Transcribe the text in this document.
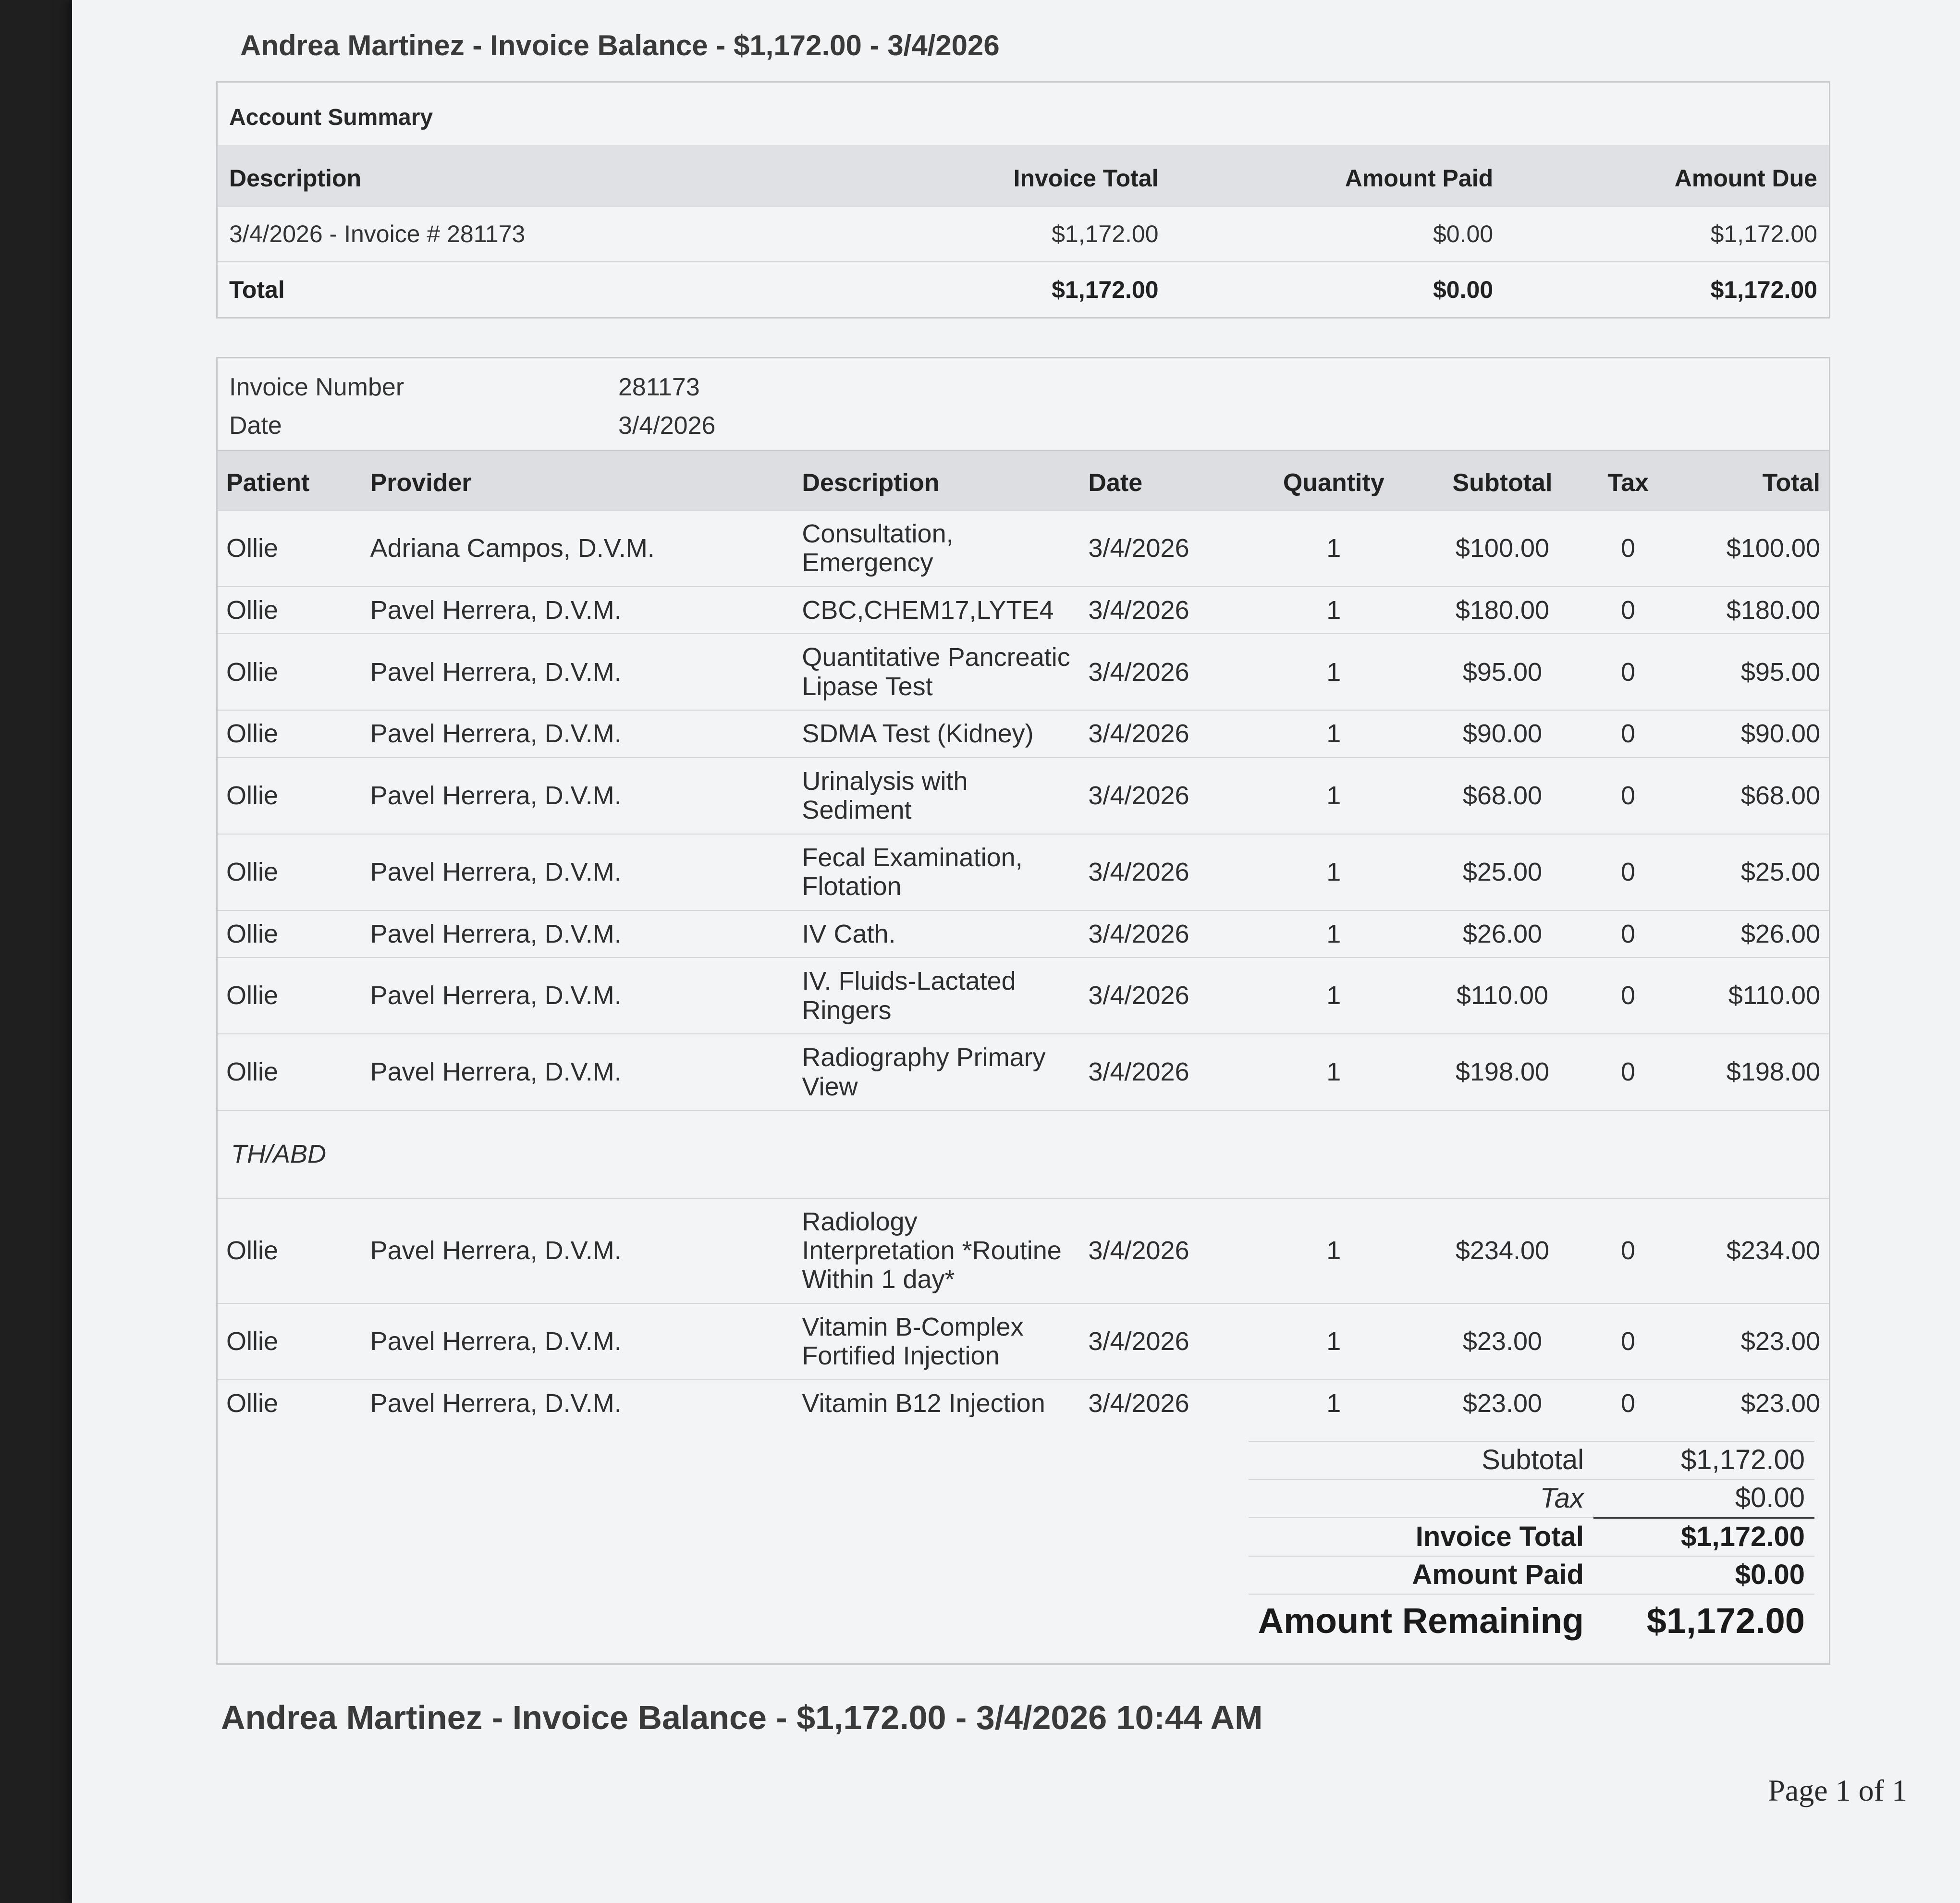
Andrea Martinez - Invoice Balance - $1,172.00 - 3/4/2026
Account Summary
Description	Invoice Total	Amount Paid	Amount Due
3/4/2026 - Invoice # 281173	$1,172.00	$0.00	$1,172.00
Total	$1,172.00	$0.00	$1,172.00
Invoice Number	281173
Date	3/4/2026
Patient	Provider	Description	Date	Quantity	Subtotal	Tax	Total
Ollie	Adriana Campos, D.V.M.	Consultation, Emergency	3/4/2026	1	$100.00	0	$100.00
Ollie	Pavel Herrera, D.V.M.	CBC,CHEM17,LYTE4	3/4/2026	1	$180.00	0	$180.00
Ollie	Pavel Herrera, D.V.M.	Quantitative Pancreatic Lipase Test	3/4/2026	1	$95.00	0	$95.00
Ollie	Pavel Herrera, D.V.M.	SDMA Test (Kidney)	3/4/2026	1	$90.00	0	$90.00
Ollie	Pavel Herrera, D.V.M.	Urinalysis with Sediment	3/4/2026	1	$68.00	0	$68.00
Ollie	Pavel Herrera, D.V.M.	Fecal Examination, Flotation	3/4/2026	1	$25.00	0	$25.00
Ollie	Pavel Herrera, D.V.M.	IV Cath.	3/4/2026	1	$26.00	0	$26.00
Ollie	Pavel Herrera, D.V.M.	IV. Fluids-Lactated Ringers	3/4/2026	1	$110.00	0	$110.00
Ollie	Pavel Herrera, D.V.M.	Radiography Primary View	3/4/2026	1	$198.00	0	$198.00
TH/ABD							
Ollie	Pavel Herrera, D.V.M.	Radiology Interpretation *Routine Within 1 day*	3/4/2026	1	$234.00	0	$234.00
Ollie	Pavel Herrera, D.V.M.	Vitamin B-Complex Fortified Injection	3/4/2026	1	$23.00	0	$23.00
Ollie	Pavel Herrera, D.V.M.	Vitamin B12 Injection	3/4/2026	1	$23.00	0	$23.00
Subtotal	$1,172.00
Tax	$0.00
Invoice Total	$1,172.00
Amount Paid	$0.00
Amount Remaining	$1,172.00
Andrea Martinez - Invoice Balance - $1,172.00 - 3/4/2026 10:44 AM
Page 1 of 1
